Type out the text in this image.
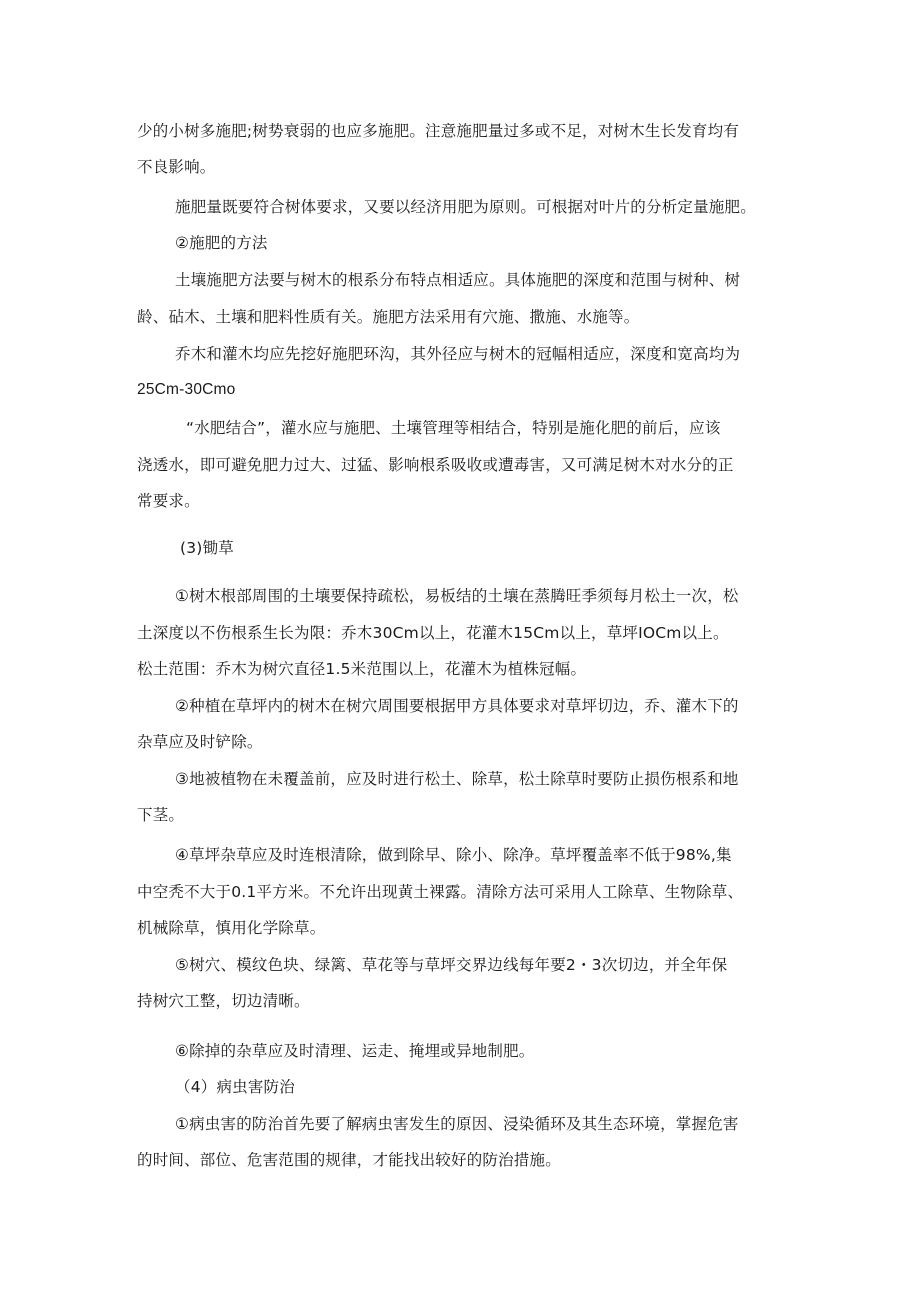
少的小树多施肥;树势衰弱的也应多施肥。注意施肥量过多或不足，对树木生长发育均有
不良影响。
施肥量既要符合树体要求，又要以经济用肥为原则。可根据对叶片的分析定量施肥。
②施肥的方法
土壤施肥方法要与树木的根系分布特点相适应。具体施肥的深度和范围与树种、树
龄、砧木、土壤和肥料性质有关。施肥方法采用有穴施、撒施、水施等。
乔木和灌木均应先挖好施肥环沟，其外径应与树木的冠幅相适应，深度和宽高均为
25Cm-30Cmo
“水肥结合”，灌水应与施肥、土壤管理等相结合，特别是施化肥的前后，应该
浇透水，即可避免肥力过大、过猛、影响根系吸收或遭毒害，又可满足树木对水分的正
常要求。
(3)锄草
①树木根部周围的土壤要保持疏松，易板结的土壤在蒸腾旺季须每月松土一次，松
土深度以不伤根系生长为限：乔木30Cm以上，花灌木15Cm以上，草坪IOCm以上。
松土范围：乔木为树穴直径1.5米范围以上，花灌木为植株冠幅。
②种植在草坪内的树木在树穴周围要根据甲方具体要求对草坪切边，乔、灌木下的
杂草应及时铲除。
③地被植物在未覆盖前，应及时进行松土、除草，松土除草时要防止损伤根系和地
下茎。
④草坪杂草应及时连根清除，做到除早、除小、除净。草坪覆盖率不低于98%,集
中空秃不大于0.1平方米。不允许出现黄土裸露。清除方法可采用人工除草、生物除草、
机械除草，慎用化学除草。
⑤树穴、模纹色块、绿篱、草花等与草坪交界边线每年要2・3次切边，并全年保
持树穴工整，切边清晰。
⑥除掉的杂草应及时清理、运走、掩埋或异地制肥。
（4）病虫害防治
①病虫害的防治首先要了解病虫害发生的原因、浸染循环及其生态环境，掌握危害
的时间、部位、危害范围的规律，才能找出较好的防治措施。
